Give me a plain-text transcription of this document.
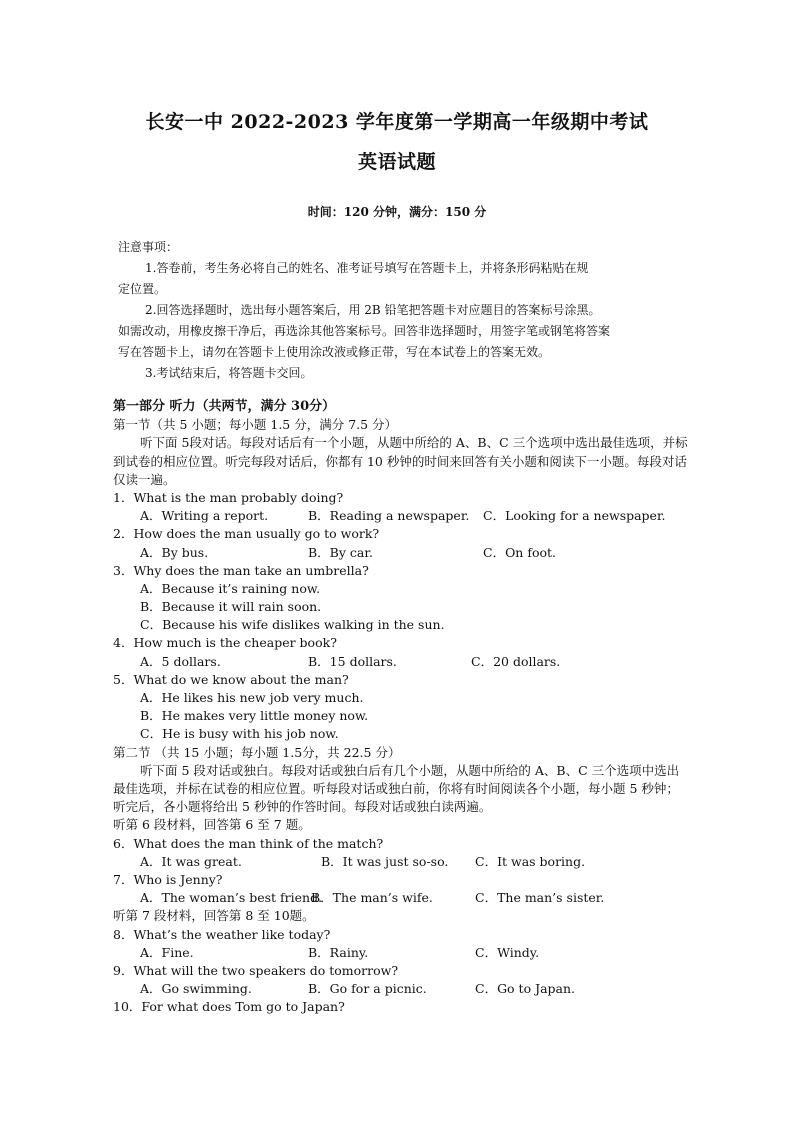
长安一中 2022-2023 学年度第一学期高一年级期中考试
英语试题
时间：120 分钟，满分：150 分
注意事项：
1.答卷前，考生务必将自己的姓名、准考证号填写在答题卡上，并将条形码粘贴在规
定位置。
2.回答选择题时，选出每小题答案后，用 2B 铅笔把答题卡对应题目的答案标号涂黑。
如需改动，用橡皮擦干净后，再选涂其他答案标号。回答非选择题时，用签字笔或钢笔将答案
写在答题卡上，请勿在答题卡上使用涂改液或修正带，写在本试卷上的答案无效。
3.考试结束后，将答题卡交回。
第一部分 听力（共两节，满分 30分）
第一节（共 5 小题；每小题 1.5 分，满分 7.5 分）
听下面 5段对话。每段对话后有一个小题，从题中所给的 A、B、C 三个选项中选出最佳选项，并标到试卷的相应位置。听完每段对话后，你都有 10 秒钟的时间来回答有关小题和阅读下一小题。每段对话仅读一遍。
1．What is the man probably doing?
A．Writing a report.	B．Reading a newspaper. C．Looking for a newspaper.
2．How does the man usually go to work?
A．By bus.	B．By car.	C．On foot.
3．Why does the man take an umbrella?
A．Because it’s raining now.
B．Because it will rain soon.
C．Because his wife dislikes walking in the sun.
4．How much is the cheaper book?
A．5 dollars.	B．15 dollars.	C．20 dollars.
5．What do we know about the man?
A．He likes his new job very much.
B．He makes very little money now.
C．He is busy with his job now.
第二节 （共 15 小题；每小题 1.5分，共 22.5 分）
听下面 5 段对话或独白。每段对话或独白后有几个小题，从题中所给的 A、B、C 三个选项中选出最佳选项，并标在试卷的相应位置。听每段对话或独白前，你将有时间阅读各个小题，每小题 5 秒钟；听完后，各小题将给出 5 秒钟的作答时间。每段对话或独白读两遍。
听第 6 段材料，回答第 6 至 7 题。
6．What does the man think of the match?
A．It was great.	B．It was just so-so. C．It was boring.
7．Who is Jenny?
A．The woman’s best friend.
B．The man’s wife.	C．The man’s sister.
听第 7 段材料，回答第 8 至 10题。
8．What’s the weather like today?
A．Fine.	B．Rainy.	C．Windy.
9．What will the two speakers do tomorrow?
A．Go swimming.	B．Go for a picnic.	C．Go to Japan.
10．For what does Tom go to Japan?
